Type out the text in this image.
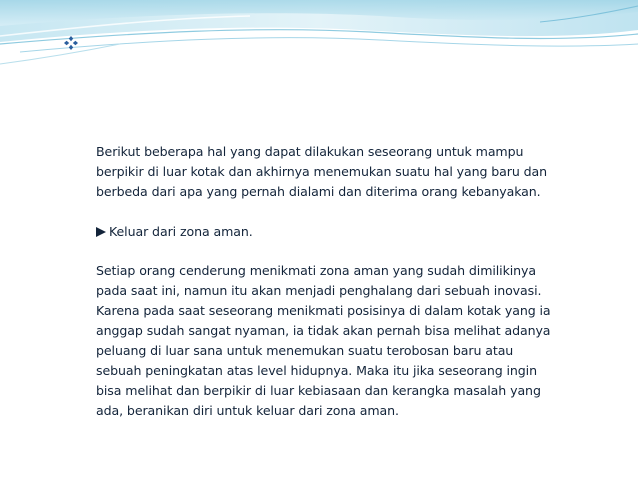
Berikut beberapa hal yang dapat dilakukan seseorang untuk mampu
berpikir di luar kotak dan akhirnya menemukan suatu hal yang baru dan
berbeda dari apa yang pernah dialami dan diterima orang kebanyakan.

Keluar dari zona aman.

Setiap orang cenderung menikmati zona aman yang sudah dimilikinya
pada saat ini, namun itu akan menjadi penghalang dari sebuah inovasi.
Karena pada saat seseorang menikmati posisinya di dalam kotak yang ia
anggap sudah sangat nyaman, ia tidak akan pernah bisa melihat adanya
peluang di luar sana untuk menemukan suatu terobosan baru atau
sebuah peningkatan atas level hidupnya. Maka itu jika seseorang ingin
bisa melihat dan berpikir di luar kebiasaan dan kerangka masalah yang
ada, beranikan diri untuk keluar dari zona aman.
